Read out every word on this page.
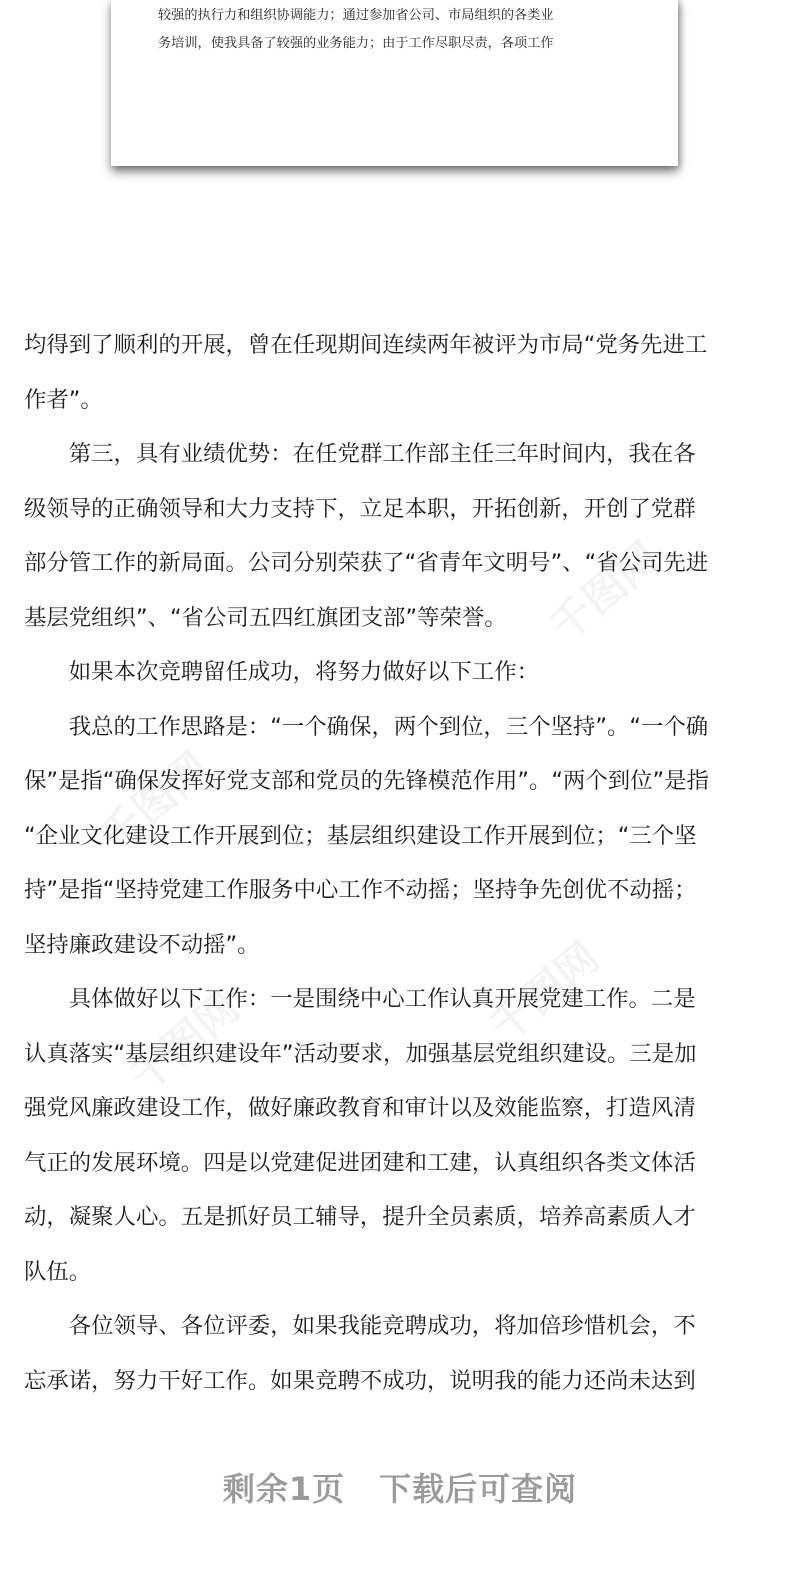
较强的执行力和组织协调能力；通过参加省公司、市局组织的各类业
务培训，使我具备了较强的业务能力；由于工作尽职尽责，各项工作
千图网
千图网
千图网
千图网
均得到了顺利的开展，曾在任现期间连续两年被评为市局“党务先进工
作者”。
　　第三，具有业绩优势：在任党群工作部主任三年时间内，我在各
级领导的正确领导和大力支持下，立足本职，开拓创新，开创了党群
部分管工作的新局面。公司分别荣获了“省青年文明号”、“省公司先进
基层党组织”、“省公司五四红旗团支部”等荣誉。
　　如果本次竞聘留任成功，将努力做好以下工作：
　　我总的工作思路是：“一个确保，两个到位，三个坚持”。“一个确
保”是指“确保发挥好党支部和党员的先锋模范作用”。“两个到位”是指
“企业文化建设工作开展到位；基层组织建设工作开展到位；“三个坚
持”是指“坚持党建工作服务中心工作不动摇；坚持争先创优不动摇；
坚持廉政建设不动摇”。
　　具体做好以下工作：一是围绕中心工作认真开展党建工作。二是
认真落实“基层组织建设年”活动要求，加强基层党组织建设。三是加
强党风廉政建设工作，做好廉政教育和审计以及效能监察，打造风清
气正的发展环境。四是以党建促进团建和工建，认真组织各类文体活
动，凝聚人心。五是抓好员工辅导，提升全员素质，培养高素质人才
队伍。
　　各位领导、各位评委，如果我能竞聘成功，将加倍珍惜机会，不
忘承诺，努力干好工作。如果竞聘不成功，说明我的能力还尚未达到
剩余1页 下载后可查阅
